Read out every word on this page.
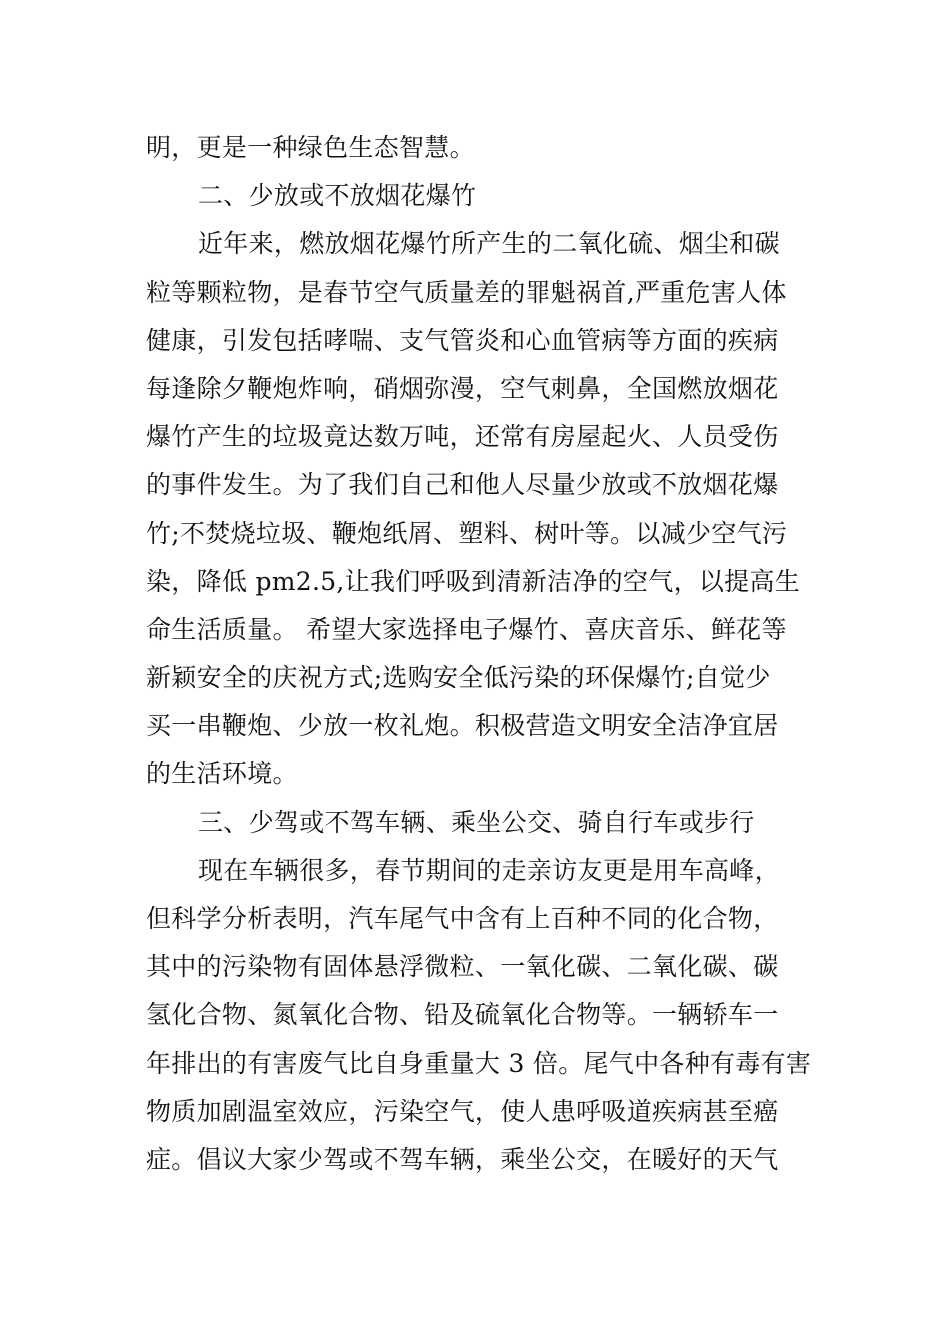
明，更是一种绿色生态智慧。
二、少放或不放烟花爆竹
近年来，燃放烟花爆竹所产生的二氧化硫、烟尘和碳
粒等颗粒物，是春节空气质量差的罪魁祸首,严重危害人体
健康，引发包括哮喘、支气管炎和心血管病等方面的疾病
每逢除夕鞭炮炸响，硝烟弥漫，空气刺鼻，全国燃放烟花
爆竹产生的垃圾竟达数万吨，还常有房屋起火、人员受伤
的事件发生。为了我们自己和他人尽量少放或不放烟花爆
竹;不焚烧垃圾、鞭炮纸屑、塑料、树叶等。以减少空气污
染，降低 pm2.5,让我们呼吸到清新洁净的空气，以提高生
命生活质量。 希望大家选择电子爆竹、喜庆音乐、鲜花等
新颖安全的庆祝方式;选购安全低污染的环保爆竹;自觉少
买一串鞭炮、少放一枚礼炮。积极营造文明安全洁净宜居
的生活环境。
三、少驾或不驾车辆、乘坐公交、骑自行车或步行
现在车辆很多，春节期间的走亲访友更是用车高峰，
但科学分析表明，汽车尾气中含有上百种不同的化合物，
其中的污染物有固体悬浮微粒、一氧化碳、二氧化碳、碳
氢化合物、氮氧化合物、铅及硫氧化合物等。一辆轿车一
年排出的有害废气比自身重量大 3 倍。尾气中各种有毒有害
物质加剧温室效应，污染空气，使人患呼吸道疾病甚至癌
症。倡议大家少驾或不驾车辆，乘坐公交，在暖好的天气
